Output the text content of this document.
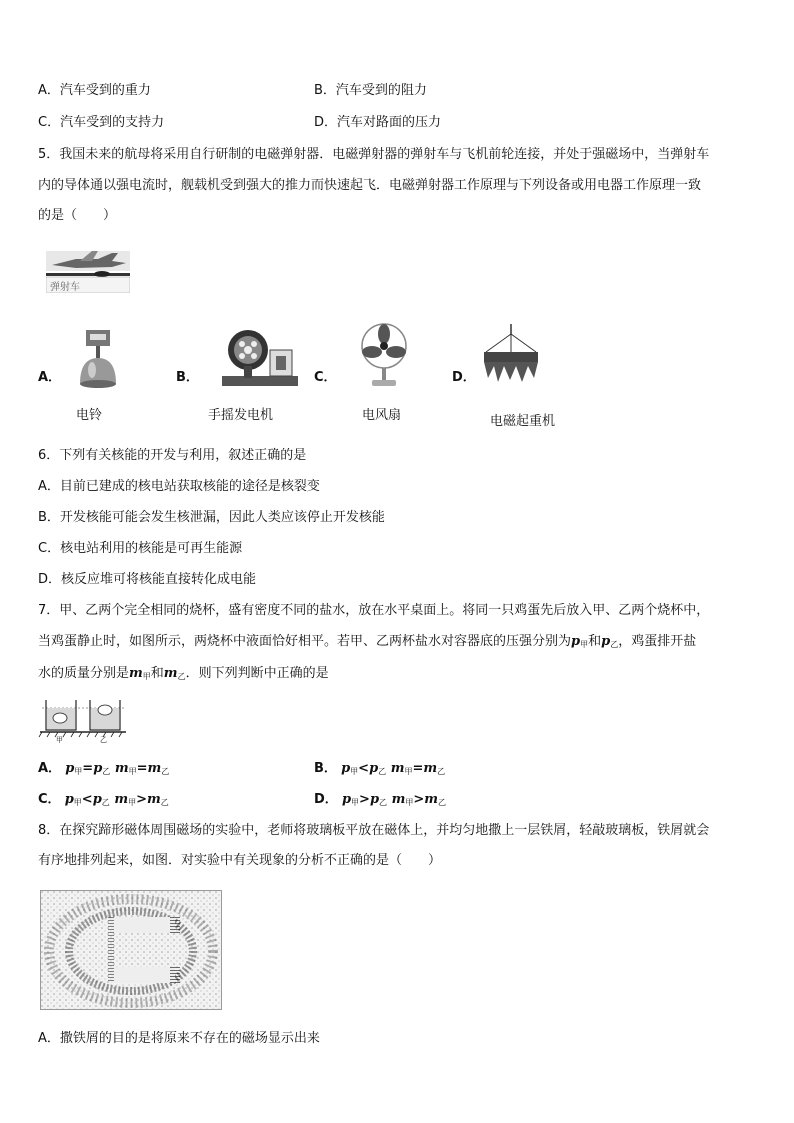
A．汽车受到的重力	B．汽车受到的阻力
C．汽车受到的支持力	D．汽车对路面的压力
5．我国未来的航母将采用自行研制的电磁弹射器．电磁弹射器的弹射车与飞机前轮连接，并处于强磁场中，当弹射车
内的导体通以强电流时，舰载机受到强大的推力而快速起飞．电磁弹射器工作原理与下列设备或用电器工作原理一致
的是（　　）
弹射车
A．	B．	C．	D．
电铃	手摇发电机	电风扇	电磁起重机
6．下列有关核能的开发与利用，叙述正确的是
A．目前已建成的核电站获取核能的途径是核裂变
B．开发核能可能会发生核泄漏，因此人类应该停止开发核能
C．核电站利用的核能是可再生能源
D．核反应堆可将核能直接转化成电能
7．甲、乙两个完全相同的烧杯，盛有密度不同的盐水，放在水平桌面上。将同一只鸡蛋先后放入甲、乙两个烧杯中，
当鸡蛋静止时，如图所示，两烧杯中液面恰好相平。若甲、乙两杯盐水对容器底的压强分别为$p_甲$和$p_乙$，鸡蛋排开盐
水的质量分别是$m_甲$和$m_乙$．则下列判断中正确的是
甲	乙
A． $p_甲=p_乙$ $m_甲=m_乙$	B． $p_甲<p_乙$ $m_甲=m_乙$
C． $p_甲<p_乙$ $m_甲>m_乙$	D． $p_甲>p_乙$ $m_甲>m_乙$
8．在探究蹄形磁体周围磁场的实验中，老师将玻璃板平放在磁体上，并均匀地撒上一层铁屑，轻敲玻璃板，铁屑就会
有序地排列起来，如图．对实验中有关现象的分析不正确的是（　　）
A．撒铁屑的目的是将原来不存在的磁场显示出来
